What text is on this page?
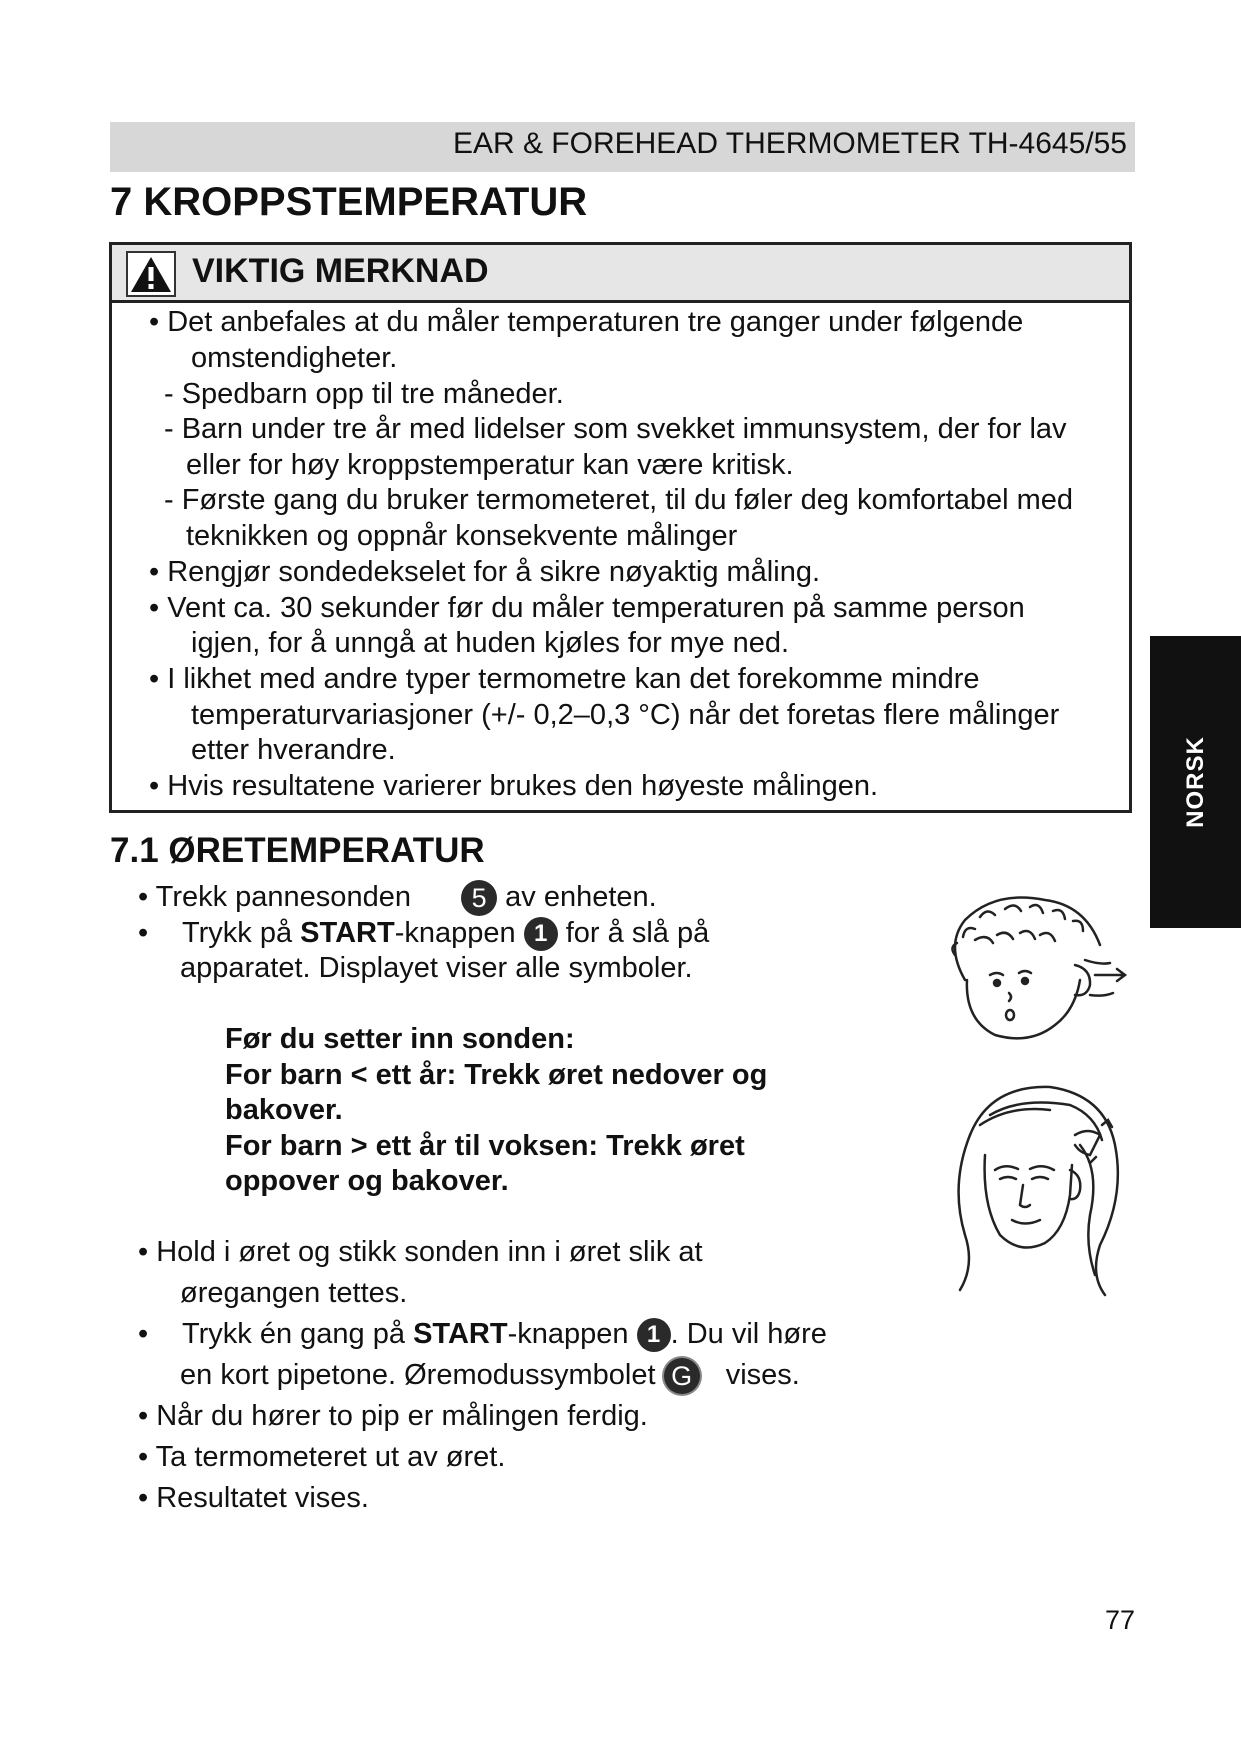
EAR & FOREHEAD THERMOMETER TH-4645/55
7 KROPPSTEMPERATUR
VIKTIG MERKNAD
• Det anbefales at du måler temperaturen tre ganger under følgende
omstendigheter.
- Spedbarn opp til tre måneder.
- Barn under tre år med lidelser som svekket immunsystem, der for lav
eller for høy kroppstemperatur kan være kritisk.
- Første gang du bruker termometeret, til du føler deg komfortabel med
teknikken og oppnår konsekvente målinger
• Rengjør sondedekselet for å sikre nøyaktig måling.
• Vent ca. 30 sekunder før du måler temperaturen på samme person
igjen, for å unngå at huden kjøles for mye ned.
• I likhet med andre typer termometre kan det forekomme mindre
temperaturvariasjoner (+/- 0,2–0,3 °C) når det foretas flere målinger
etter hverandre.
• Hvis resultatene varierer brukes den høyeste målingen.
7.1 ØRETEMPERATUR
• Trekk pannesonden 5 av enheten.
• Trykk på START-knappen 1 for å slå på
apparatet. Displayet viser alle symboler.
Før du setter inn sonden:
For barn < ett år: Trekk øret nedover og
bakover.
For barn > ett år til voksen: Trekk øret
oppover og bakover.
• Hold i øret og stikk sonden inn i øret slik at
øregangen tettes.
• Trykk én gang på START-knappen 1 . Du vil høre
en kort pipetone. Øremodussymbolet G vises.
• Når du hører to pip er målingen ferdig.
• Ta termometeret ut av øret.
• Resultatet vises.
NORSK
77
